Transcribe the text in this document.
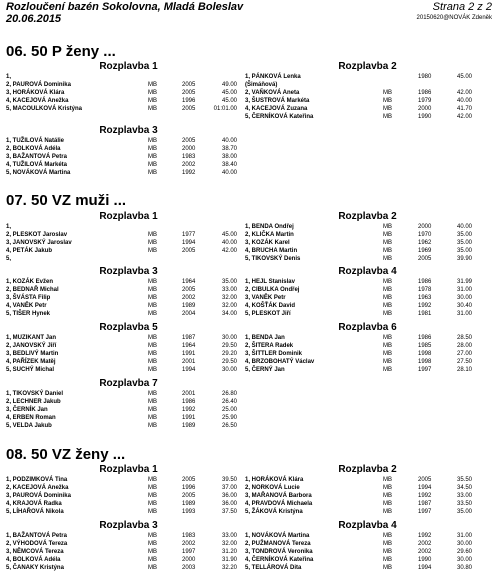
Rozloučení bazén Sokolovna, Mladá Boleslav
20.06.2015
Strana 2 z 2
20150620@NOVÁK Zdeněk
06. 50 P ženy ...
Rozplavba 1
1,
2, PAUROVÁ Dominika	MB	2005	49.00
3, HORÁKOVÁ Klára	MB	2005	45.00
4, KACEJOVÁ Anežka	MB	1996	45.00
5, MACOULKOVÁ Kristýna	MB	2005	01:01.00
Rozplavba 2
1, PÁNKOVÁ Lenka	1980	45.00
(Šimáňová)
2, VAŇKOVÁ Aneta	MB	1986	42.00
3, ŠUSTROVÁ Markéta	MB	1979	40.00
4, KACEJOVÁ Zuzana	MB	2000	41.70
5, ČERNÍKOVÁ Kateřina	MB	1990	42.00
Rozplavba 3
1, TUŽILOVÁ Natálie	MB	2005	40.00
2, BOLKOVÁ Adéla	MB	2000	38.70
3, BAŽANTOVÁ Petra	MB	1983	38.00
4, TUŽILOVÁ Markéta	MB	2002	38.40
5, NOVÁKOVÁ Martina	MB	1992	40.00
07. 50 VZ muži ...
Rozplavba 1
1,
2, PLESKOT Jaroslav	MB	1977	45.00
3, JANOVSKÝ Jaroslav	MB	1994	40.00
4, PETÁK Jakub	MB	2005	42.00
5,
Rozplavba 2
1, BENDA Ondřej	MB	2000	40.00
2, KLIČKA Martin	MB	1970	35.00
3, KOZÁK Karel	MB	1962	35.00
4, BRUCHA Martin	MB	1969	35.00
5, TIKOVSKÝ Denis	MB	2005	39.90
Rozplavba 3
1, KOZÁK Evžen	MB	1964	35.00
2, BEDNAŘ Michal	MB	2005	33.00
3, ŠVÁSTA Filip	MB	2002	32.00
4, VANĚK Petr	MB	1989	32.00
5, TIŠER Hynek	MB	2004	34.00
Rozplavba 4
1, HEJL Stanislav	MB	1986	31.99
2, CIBULKA Ondřej	MB	1978	31.00
3, VANĚK Petr	MB	1963	30.00
4, KOŠŤÁK David	MB	1992	30.40
5, PLESKOT Jiří	MB	1981	31.00
Rozplavba 5
1, MUZIKANT Jan	MB	1987	30.00
2, JANOVSKÝ Jiří	MB	1964	29.50
3, BEDLIVÝ Martin	MB	1991	29.20
4, PAŘÍZEK Matěj	MB	2001	29.50
5, SUCHÝ Michal	MB	1994	30.00
Rozplavba 6
1, BENDA Jan	MB	1986	28.50
2, ŠITERA Radek	MB	1985	28.00
3, ŠITTLER Dominik	MB	1998	27.00
4, BRZOBOHATÝ Václav	MB	1998	27.50
5, ČERNÝ Jan	MB	1997	28.10
Rozplavba 7
1, TIKOVSKÝ Daniel	MB	2001	26.80
2, LECHNER Jakub	MB	1986	26.40
3, ČERNÍK Jan	MB	1992	25.00
4, ERBEN Roman	MB	1991	25.90
5, VELDA Jakub	MB	1989	26.50
08. 50 VZ ženy ...
Rozplavba 1
1, PODZIMKOVÁ Tina	MB	2005	39.50
2, KACEJOVÁ Anežka	MB	1996	37.00
3, PAUROVÁ Dominika	MB	2005	36.00
4, KRAJOVÁ Radka	MB	1989	36.00
5, LÍHAŘOVÁ Nikola	MB	1993	37.50
Rozplavba 2
1, HORÁKOVÁ Klára	MB	2005	35.50
2, NORKOVÁ Lucie	MB	1994	34.50
3, MAŘANOVÁ Barbora	MB	1992	33.00
4, PRAVDOVÁ Michaela	MB	1987	33.50
5, ŽÁKOVÁ Kristýna	MB	1997	35.00
Rozplavba 3
1, BAŽANTOVÁ Petra	MB	1983	33.00
2, VÝHODOVÁ Tereza	MB	2002	32.00
3, NĚMCOVÁ Tereza	MB	1997	31.20
4, BOLKOVÁ Adéla	MB	2000	31.90
5, ČANAKY Kristýna	MB	2003	32.20
Rozplavba 4
1, NOVÁKOVÁ Martina	MB	1992	31.00
2, PUŽMANOVÁ Tereza	MB	2002	30.00
3, TONDROVÁ Veronika	MB	2002	29.60
4, ČERNÍKOVÁ Kateřina	MB	1990	30.00
5, TELLÁROVÁ Dita	MB	1994	30.80
